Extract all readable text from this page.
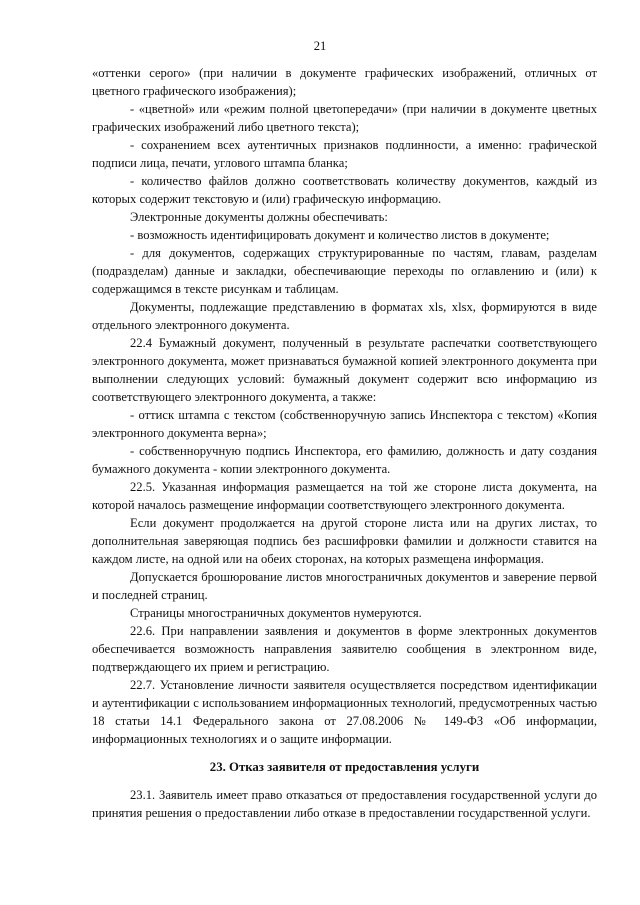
21

«оттенки серого» (при наличии в документе графических изображений, отличных от цветного графического изображения);

- «цветной» или «режим полной цветопередачи» (при наличии в документе цветных графических изображений либо цветного текста);

- сохранением всех аутентичных признаков подлинности, а именно: графической подписи лица, печати, углового штампа бланка;

- количество файлов должно соответствовать количеству документов, каждый из которых содержит текстовую и (или) графическую информацию.

Электронные документы должны обеспечивать:

- возможность идентифицировать документ и количество листов в документе;

- для документов, содержащих структурированные по частям, главам, разделам (подразделам) данные и закладки, обеспечивающие переходы по оглавлению и (или) к содержащимся в тексте рисункам и таблицам.

Документы, подлежащие представлению в форматах xls, xlsx, формируются в виде отдельного электронного документа.

22.4 Бумажный документ, полученный в результате распечатки соответствующего электронного документа, может признаваться бумажной копией электронного документа при выполнении следующих условий: бумажный документ содержит всю информацию из соответствующего электронного документа, а также:

- оттиск штампа с текстом (собственноручную запись Инспектора с текстом) «Копия электронного документа верна»;

- собственноручную подпись Инспектора, его фамилию, должность и дату создания бумажного документа - копии электронного документа.

22.5. Указанная информация размещается на той же стороне листа документа, на которой началось размещение информации соответствующего электронного документа.

Если документ продолжается на другой стороне листа или на других листах, то дополнительная заверяющая подпись без расшифровки фамилии и должности ставится на каждом листе, на одной или на обеих сторонах, на которых размещена информация.

Допускается брошюрование листов многостраничных документов и заверение первой и последней страниц.

Страницы многостраничных документов нумеруются.

22.6. При направлении заявления и документов в форме электронных документов обеспечивается возможность направления заявителю сообщения в электронном виде, подтверждающего их прием и регистрацию.

22.7. Установление личности заявителя осуществляется посредством идентификации и аутентификации с использованием информационных технологий, предусмотренных частью 18 статьи 14.1 Федерального закона от 27.08.2006 № 149-ФЗ «Об информации, информационных технологиях и о защите информации.

23. Отказ заявителя от предоставления услуги

23.1. Заявитель имеет право отказаться от предоставления государственной услуги до принятия решения о предоставлении либо отказе в предоставлении государственной услуги.
